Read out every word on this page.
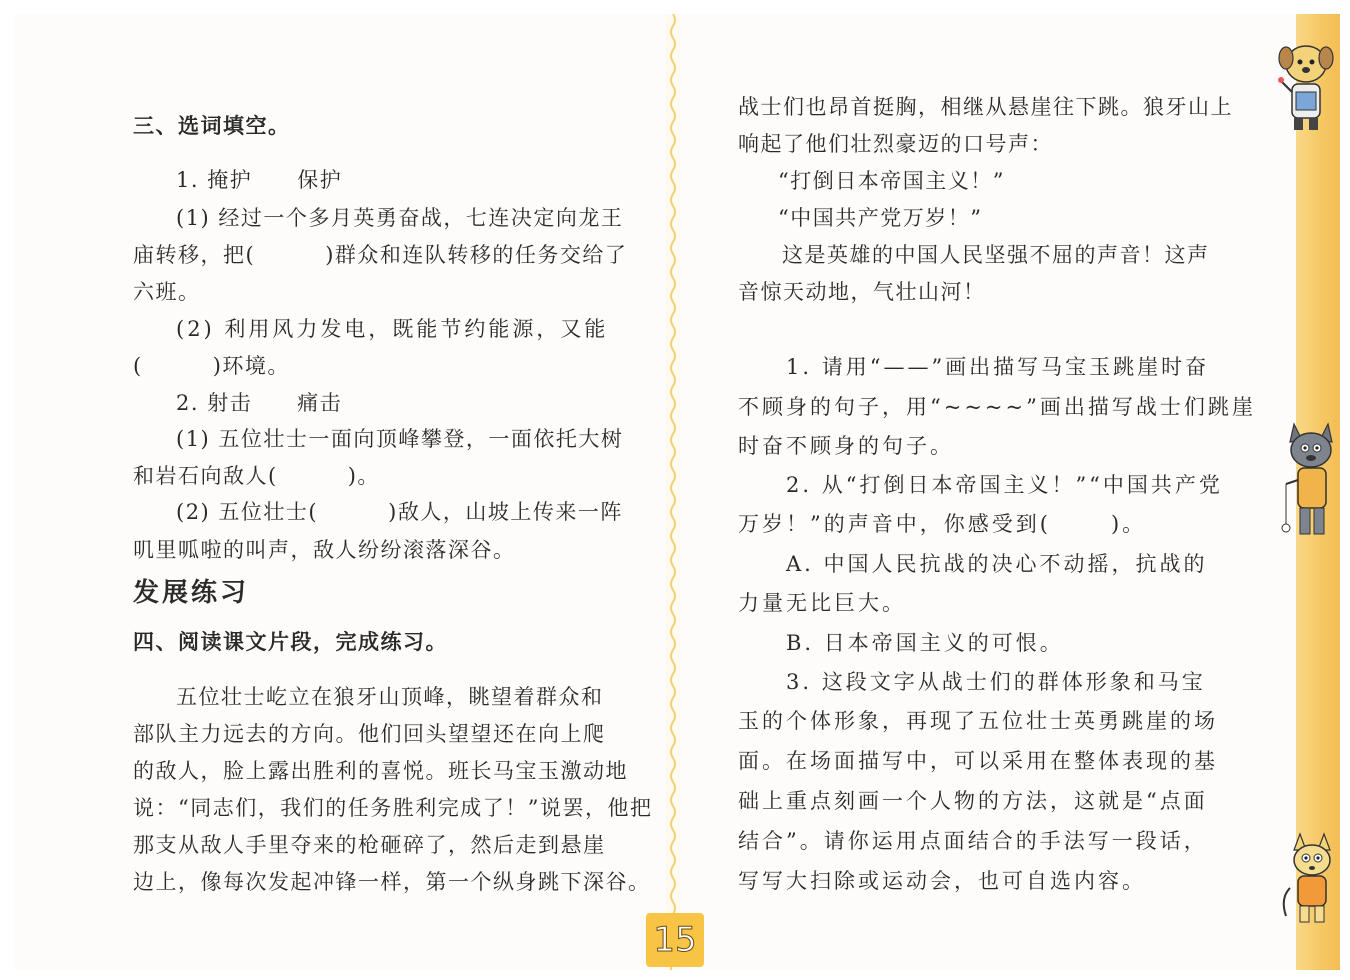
三、选词填空。
1. 掩护　　保护
(1) 经过一个多月英勇奋战，七连决定向龙王
庙转移，把(	)群众和连队转移的任务交给了
六班。
(2) 利用风力发电，既能节约能源，又能
(	)环境。
2. 射击　　痛击
(1) 五位壮士一面向顶峰攀登，一面依托大树
和岩石向敌人(	)。
(2) 五位壮士(	)敌人，山坡上传来一阵
叽里呱啦的叫声，敌人纷纷滚落深谷。
发展练习
四、阅读课文片段，完成练习。
五位壮士屹立在狼牙山顶峰，眺望着群众和
部队主力远去的方向。他们回头望望还在向上爬
的敌人，脸上露出胜利的喜悦。班长马宝玉激动地
说：“同志们，我们的任务胜利完成了！”说罢，他把
那支从敌人手里夺来的枪砸碎了，然后走到悬崖
边上，像每次发起冲锋一样，第一个纵身跳下深谷。
战士们也昂首挺胸，相继从悬崖往下跳。狼牙山上
响起了他们壮烈豪迈的口号声：
“打倒日本帝国主义！”
“中国共产党万岁！”
这是英雄的中国人民坚强不屈的声音！这声
音惊天动地，气壮山河！
1. 请用“——”画出描写马宝玉跳崖时奋
不顾身的句子，用“~~~~”画出描写战士们跳崖
时奋不顾身的句子。
2. 从“打倒日本帝国主义！”“中国共产党
万岁！”的声音中，你感受到(	)。
A. 中国人民抗战的决心不动摇，抗战的
力量无比巨大。
B. 日本帝国主义的可恨。
3. 这段文字从战士们的群体形象和马宝
玉的个体形象，再现了五位壮士英勇跳崖的场
面。在场面描写中，可以采用在整体表现的基
础上重点刻画一个人物的方法，这就是“点面
结合”。请你运用点面结合的手法写一段话，
写写大扫除或运动会，也可自选内容。
15
